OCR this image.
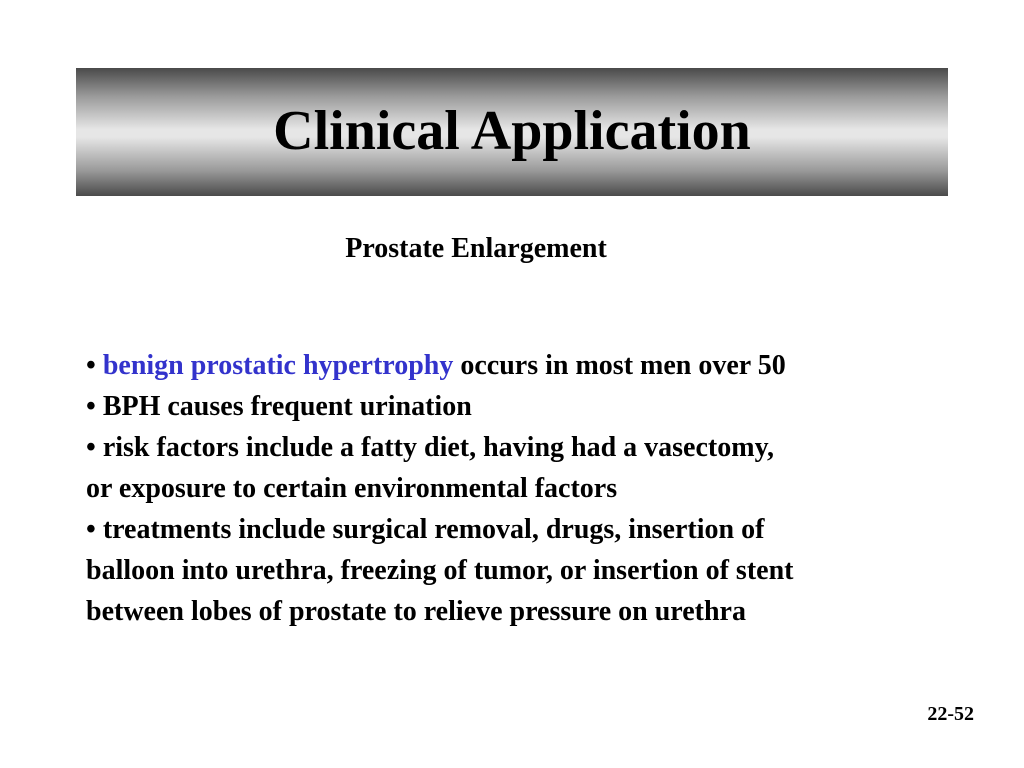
Clinical Application
Prostate Enlargement

• benign prostatic hypertrophy occurs in most men over 50

• BPH causes frequent urination

• risk factors include a fatty diet, having had a vasectomy,

or exposure to certain environmental factors

• treatments include surgical removal, drugs, insertion of

balloon into urethra, freezing of tumor, or insertion of stent

between lobes of prostate to relieve pressure on urethra

22-52
